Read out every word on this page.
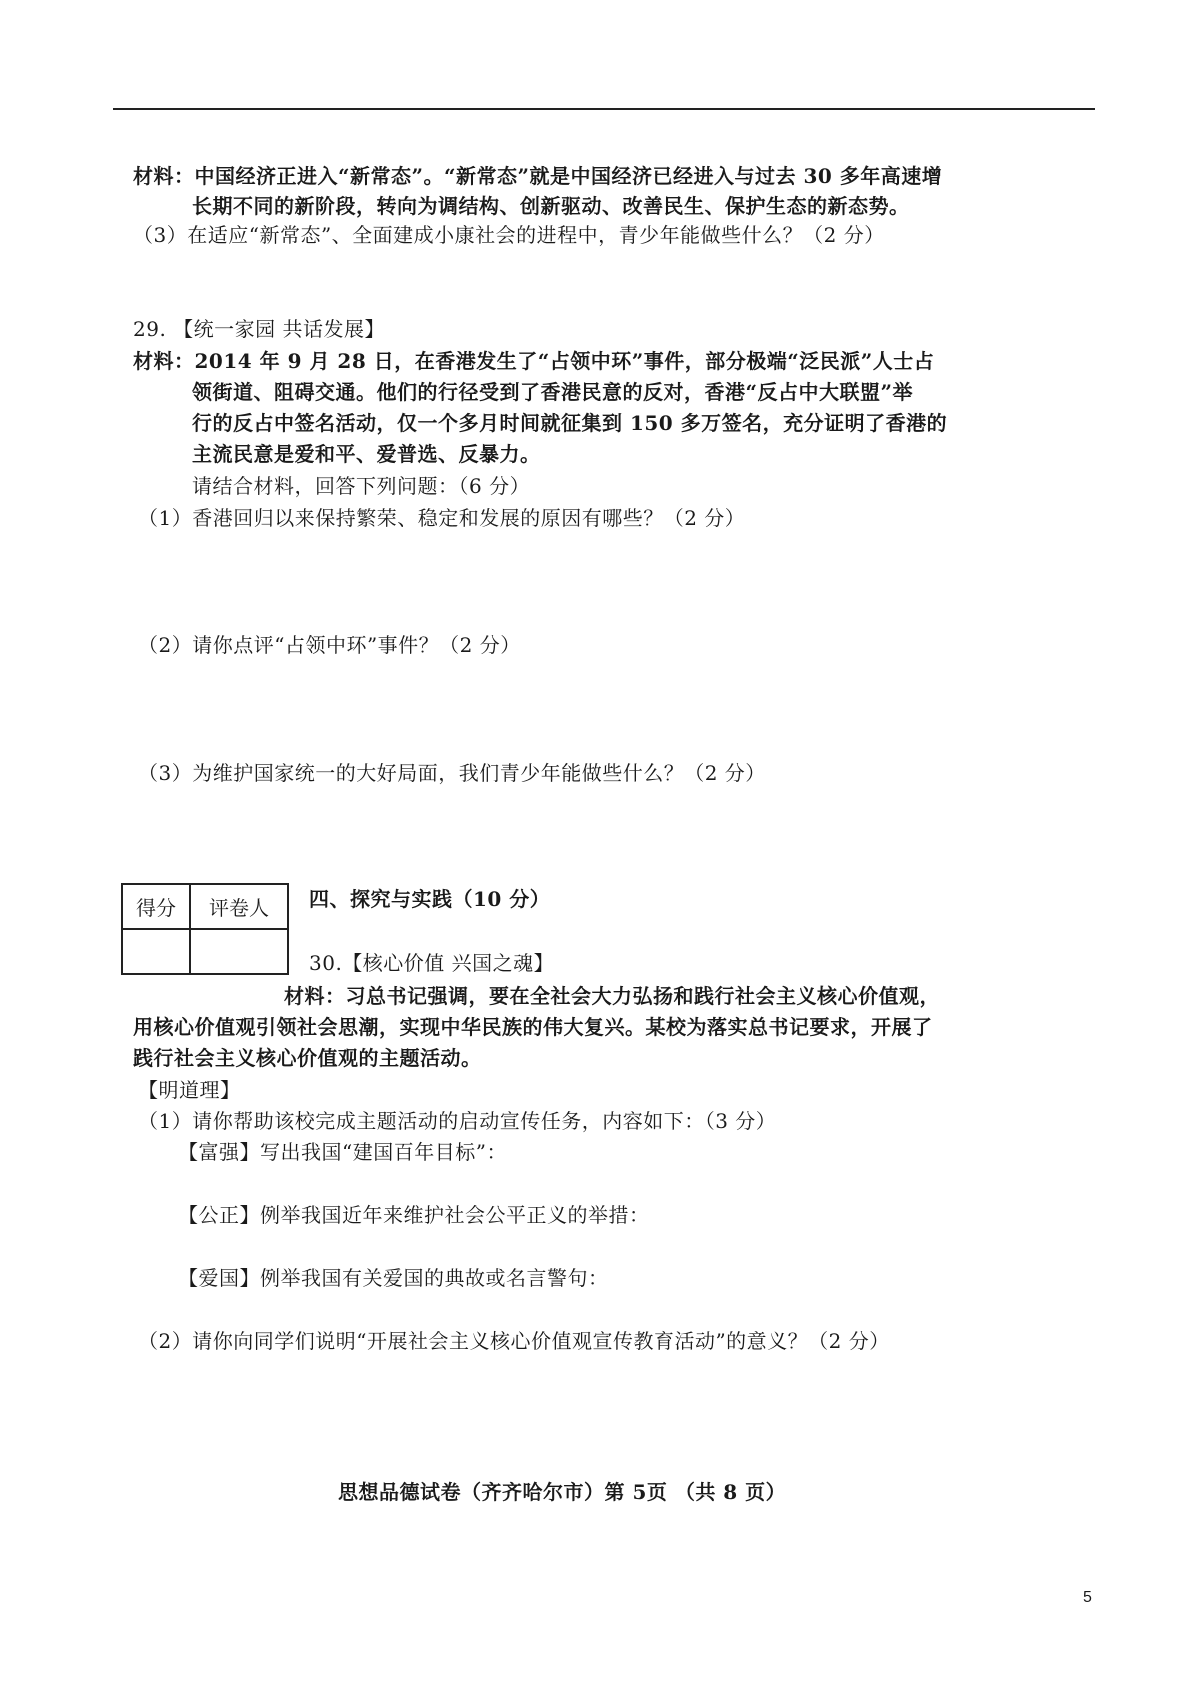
材料：中国经济正进入“新常态”。“新常态”就是中国经济已经进入与过去 30 多年高速增
长期不同的新阶段，转向为调结构、创新驱动、改善民生、保护生态的新态势。
（3）在适应“新常态”、全面建成小康社会的进程中，青少年能做些什么？（2 分）
29. 【统一家园 共话发展】
材料：2014 年 9 月 28 日，在香港发生了“占领中环”事件，部分极端“泛民派”人士占
领街道、阻碍交通。他们的行径受到了香港民意的反对，香港“反占中大联盟”举
行的反占中签名活动，仅一个多月时间就征集到 150 多万签名，充分证明了香港的
主流民意是爱和平、爱普选、反暴力。
请结合材料，回答下列问题：（6 分）
（1）香港回归以来保持繁荣、稳定和发展的原因有哪些？（2 分）
（2）请你点评“占领中环”事件？（2 分）
（3）为维护国家统一的大好局面，我们青少年能做些什么？（2 分）
得分	评卷人
	四、探究与实践（10 分）
30.【核心价值 兴国之魂】
材料：习总书记强调，要在全社会大力弘扬和践行社会主义核心价值观，
用核心价值观引领社会思潮，实现中华民族的伟大复兴。某校为落实总书记要求，开展了
践行社会主义核心价值观的主题活动。
【明道理】
（1）请你帮助该校完成主题活动的启动宣传任务，内容如下：（3 分）
【富强】写出我国“建国百年目标”：
【公正】例举我国近年来维护社会公平正义的举措：
【爱国】例举我国有关爱国的典故或名言警句：
（2）请你向同学们说明“开展社会主义核心价值观宣传教育活动”的意义？（2 分）
思想品德试卷（齐齐哈尔市）第 5页 （共 8 页）
5
